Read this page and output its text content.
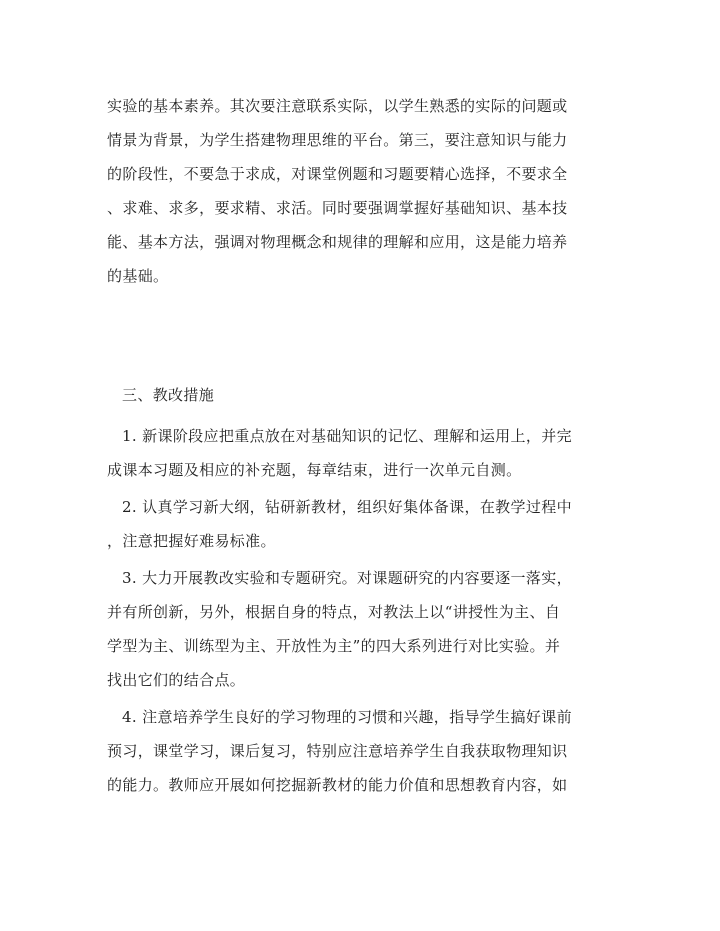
实验的基本素养。其次要注意联系实际，以学生熟悉的实际的问题或
情景为背景，为学生搭建物理思维的平台。第三，要注意知识与能力
的阶段性，不要急于求成，对课堂例题和习题要精心选择，不要求全
、求难、求多，要求精、求活。同时要强调掌握好基础知识、基本技
能、基本方法，强调对物理概念和规律的理解和应用，这是能力培养
的基础。
三、教改措施
1. 新课阶段应把重点放在对基础知识的记忆、理解和运用上，并完
成课本习题及相应的补充题，每章结束，进行一次单元自测。
2. 认真学习新大纲，钻研新教材，组织好集体备课，在教学过程中
，注意把握好难易标准。
3. 大力开展教改实验和专题研究。对课题研究的内容要逐一落实，
并有所创新，另外，根据自身的特点，对教法上以“讲授性为主、自
学型为主、训练型为主、开放性为主”的四大系列进行对比实验。并
找出它们的结合点。
4. 注意培养学生良好的学习物理的习惯和兴趣，指导学生搞好课前
预习，课堂学习，课后复习，特别应注意培养学生自我获取物理知识
的能力。教师应开展如何挖掘新教材的能力价值和思想教育内容，如
